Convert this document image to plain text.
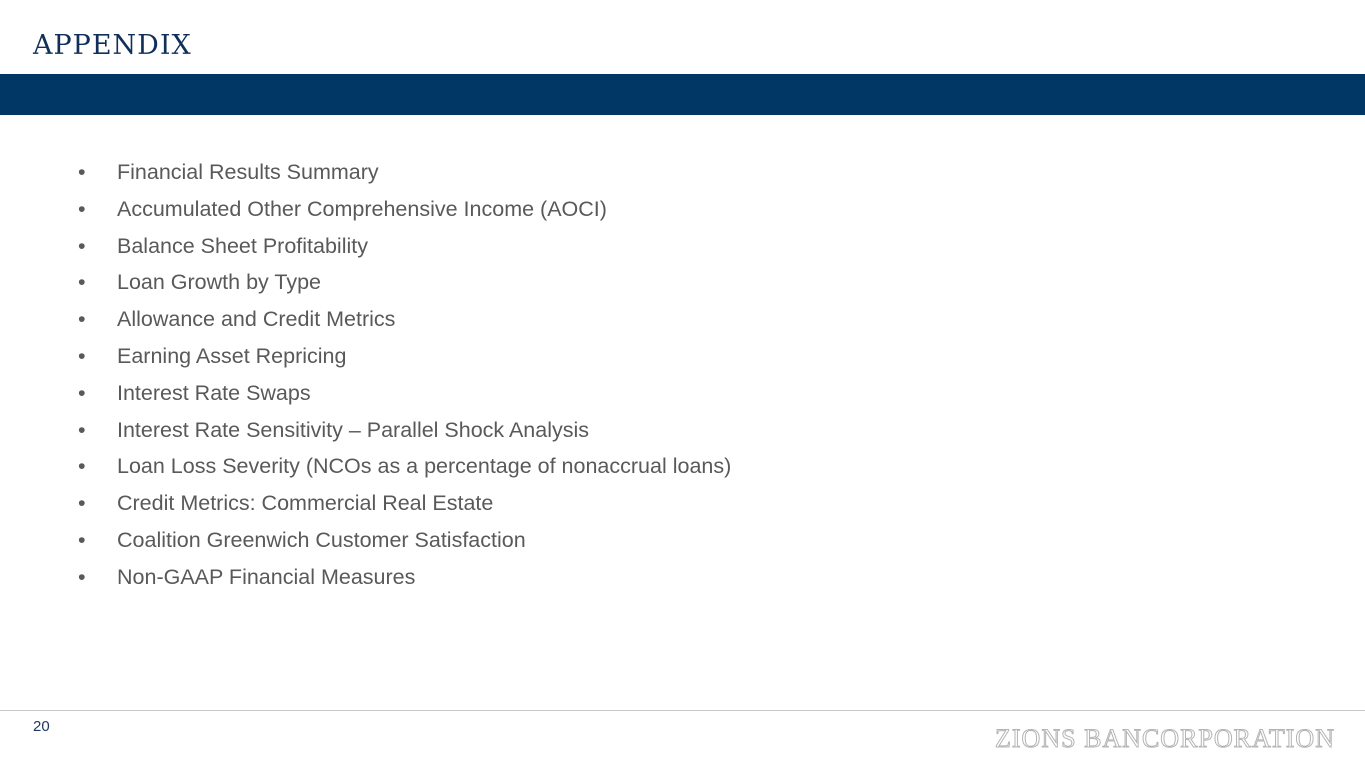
APPENDIX
• Financial Results Summary
• Accumulated Other Comprehensive Income (AOCI)
• Balance Sheet Profitability
• Loan Growth by Type
• Allowance and Credit Metrics
• Earning Asset Repricing
• Interest Rate Swaps
• Interest Rate Sensitivity – Parallel Shock Analysis
• Loan Loss Severity (NCOs as a percentage of nonaccrual loans)
• Credit Metrics: Commercial Real Estate
• Coalition Greenwich Customer Satisfaction
• Non-GAAP Financial Measures
20	ZIONS BANCORPORATION
